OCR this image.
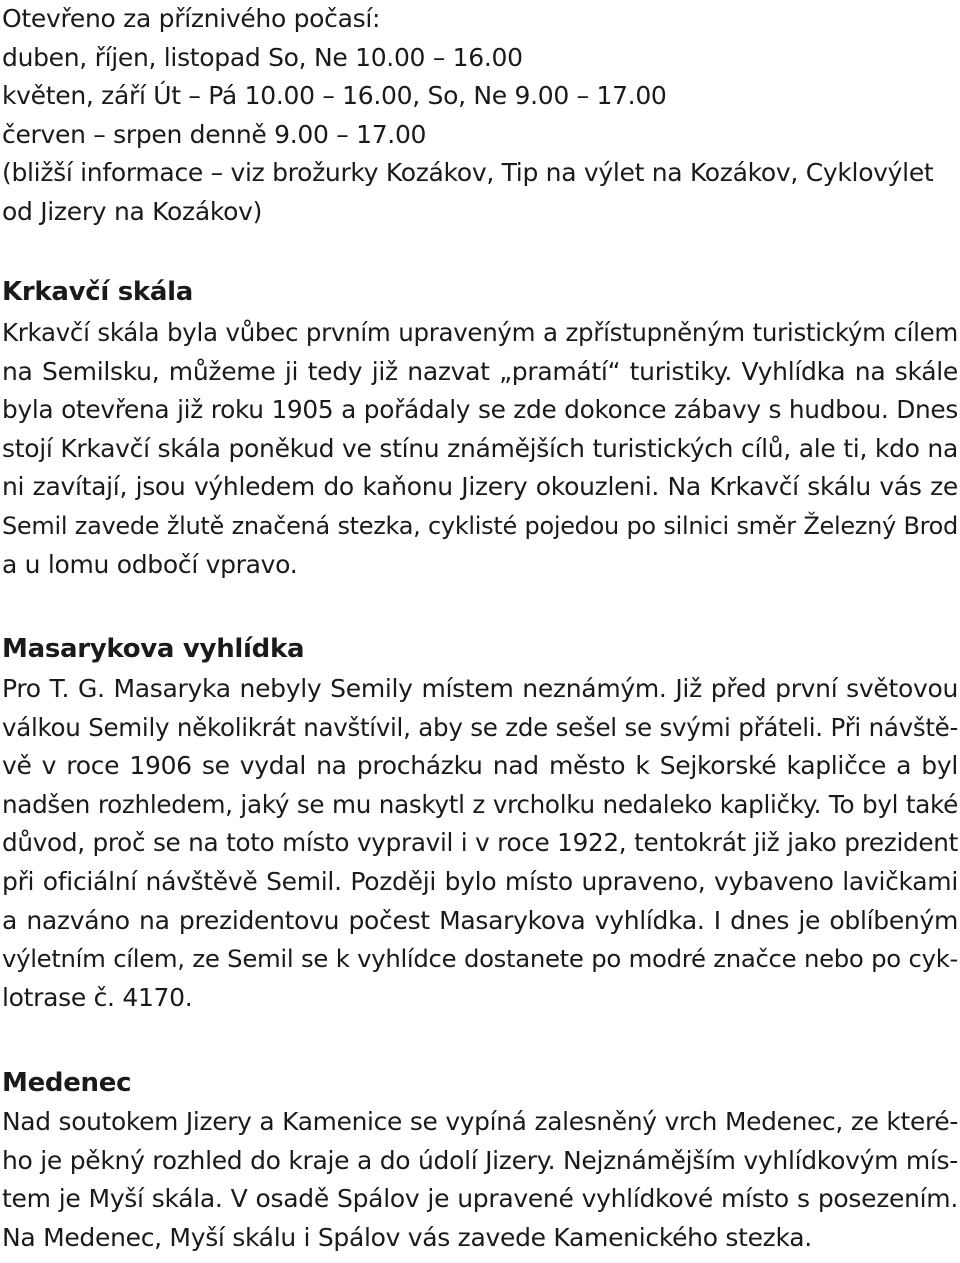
Otevřeno za příznivého počasí:
duben, říjen, listopad So, Ne 10.00 – 16.00
květen, září Út – Pá 10.00 – 16.00, So, Ne 9.00 – 17.00
červen – srpen denně 9.00 – 17.00
(bližší informace – viz brožurky Kozákov, Tip na výlet na Kozákov, Cyklovýlet
od Jizery na Kozákov)
Krkavčí skála
Krkavčí skála byla vůbec prvním upraveným a zpřístupněným turistickým cílem
na Semilsku, můžeme ji tedy již nazvat „pramátí“ turistiky. Vyhlídka na skále
byla otevřena již roku 1905 a pořádaly se zde dokonce zábavy s hudbou. Dnes
stojí Krkavčí skála poněkud ve stínu známějších turistických cílů, ale ti, kdo na
ni zavítají, jsou výhledem do kaňonu Jizery okouzleni. Na Krkavčí skálu vás ze
Semil zavede žlutě značená stezka, cyklisté pojedou po silnici směr Železný Brod
a u lomu odbočí vpravo.
Masarykova vyhlídka
Pro T. G. Masaryka nebyly Semily místem neznámým. Již před první světovou
válkou Semily několikrát navštívil, aby se zde sešel se svými přáteli. Při návště-
vě v roce 1906 se vydal na procházku nad město k Sejkorské kapličce a byl
nadšen rozhledem, jaký se mu naskytl z vrcholku nedaleko kapličky. To byl také
důvod, proč se na toto místo vypravil i v roce 1922, tentokrát již jako prezident
při oficiální návštěvě Semil. Později bylo místo upraveno, vybaveno lavičkami
a nazváno na prezidentovu počest Masarykova vyhlídka. I dnes je oblíbeným
výletním cílem, ze Semil se k vyhlídce dostanete po modré značce nebo po cyk-
lotrase č. 4170.
Medenec
Nad soutokem Jizery a Kamenice se vypíná zalesněný vrch Medenec, ze které-
ho je pěkný rozhled do kraje a do údolí Jizery. Nejznámějším vyhlídkovým mís-
tem je Myší skála. V osadě Spálov je upravené vyhlídkové místo s posezením.
Na Medenec, Myší skálu i Spálov vás zavede Kamenického stezka.
